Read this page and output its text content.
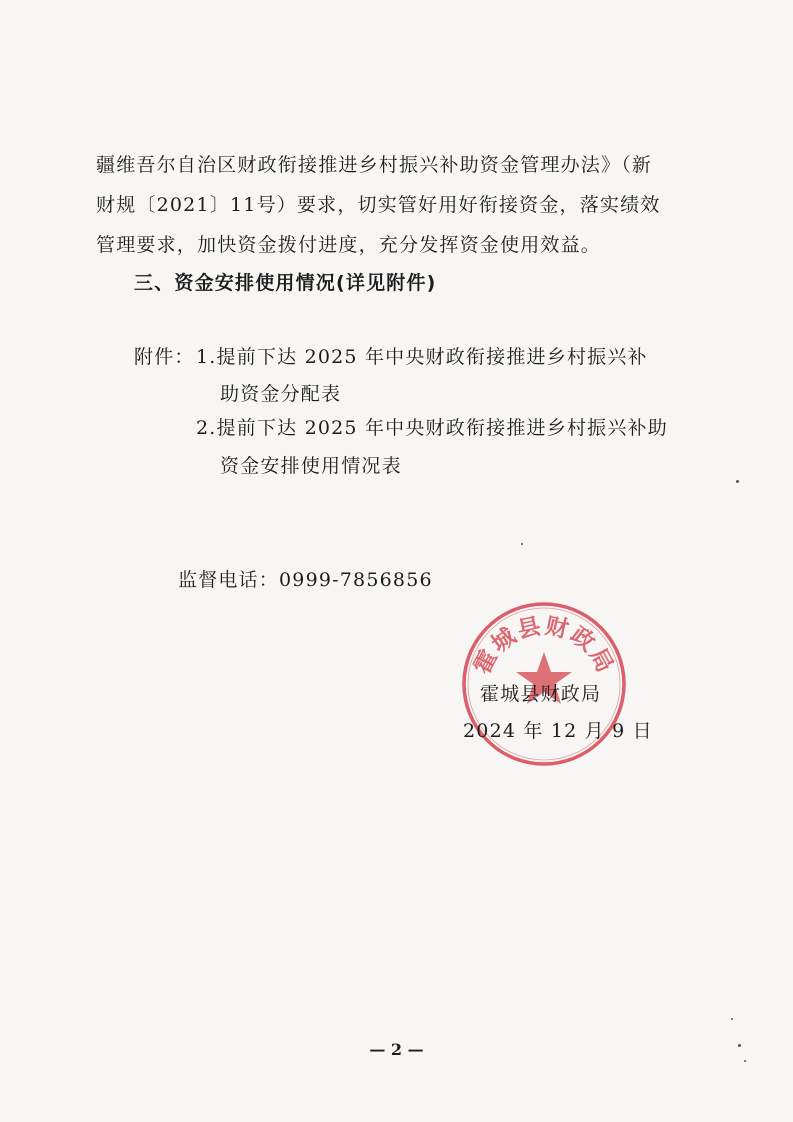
疆维吾尔自治区财政衔接推进乡村振兴补助资金管理办法》（新
财规〔2021〕11号）要求，切实管好用好衔接资金，落实绩效
管理要求，加快资金拨付进度，充分发挥资金使用效益。
三、资金安排使用情况(详见附件)
附件： 1.提前下达 2025 年中央财政衔接推进乡村振兴补
助资金分配表
2.提前下达 2025 年中央财政衔接推进乡村振兴补助
资金安排使用情况表
监督电话：0999-7856856
霍城县财政局
霍城县财政局
2024 年 12 月 9 日
— 2 —
